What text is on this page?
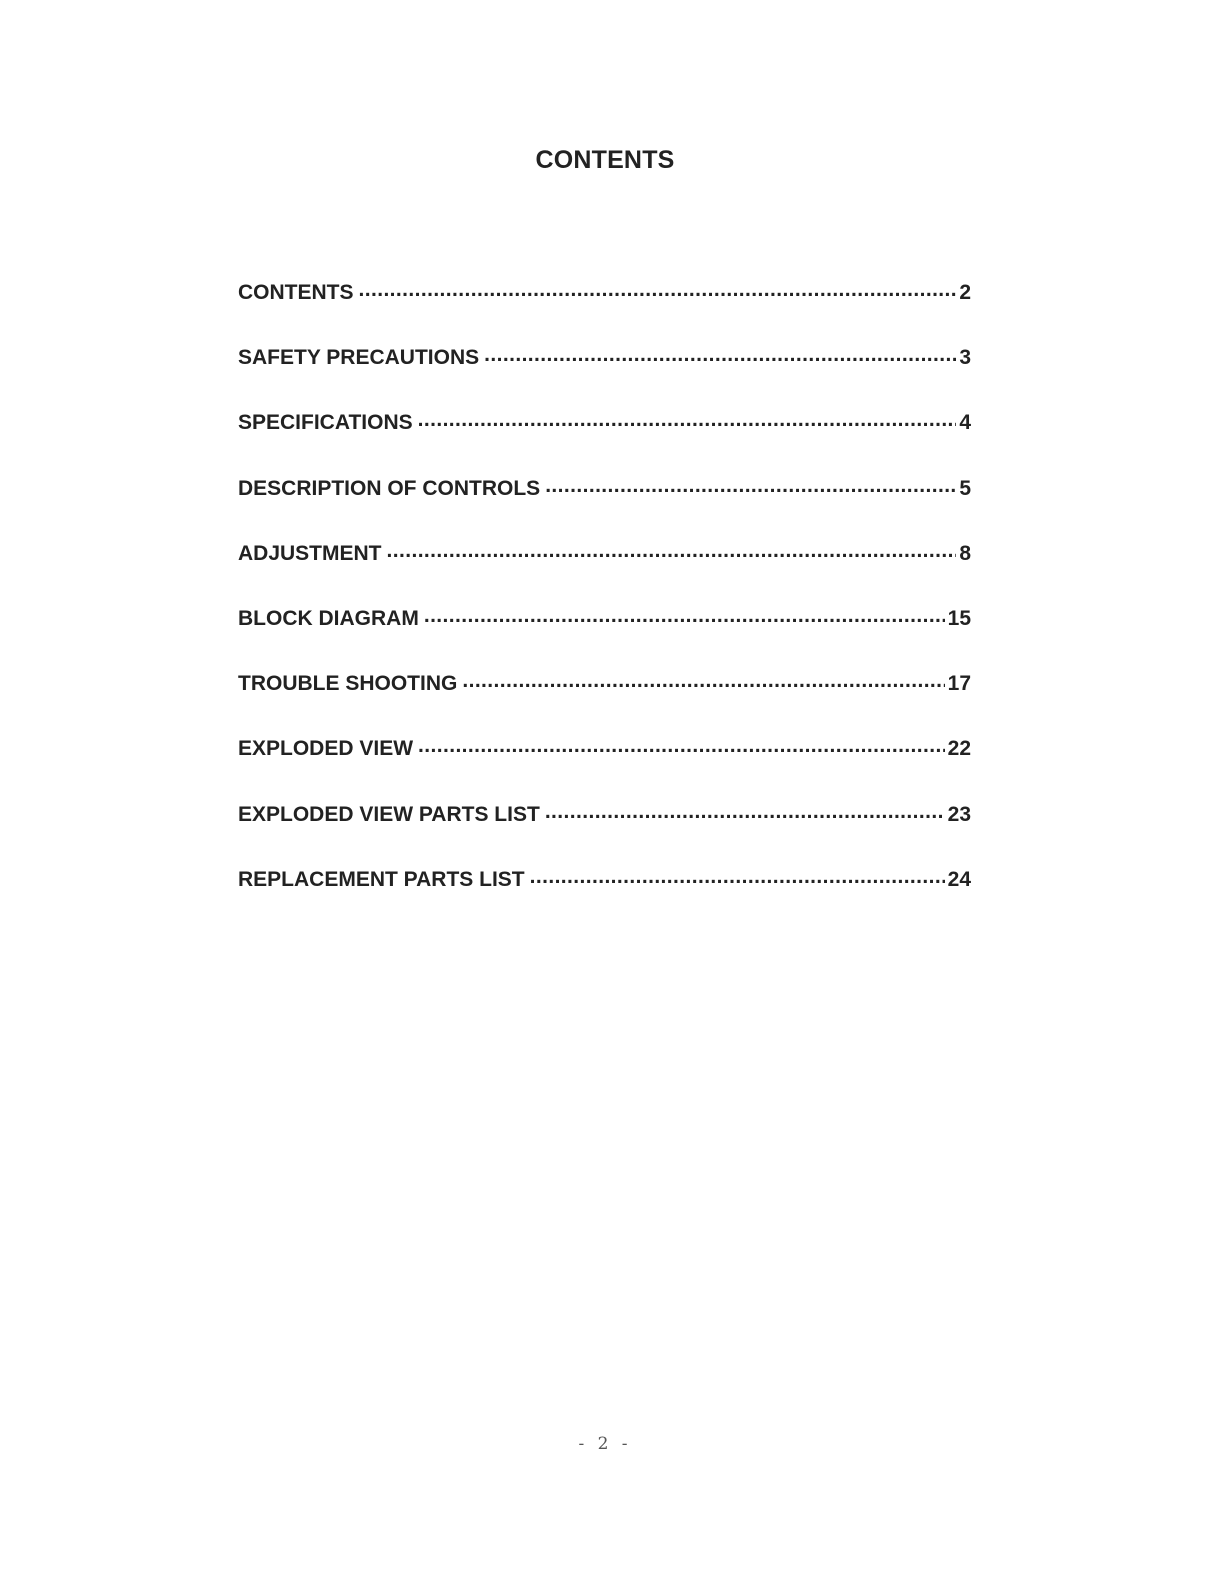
CONTENTS
CONTENTS .....	2
SAFETY PRECAUTIONS .....	3
SPECIFICATIONS .....	4
DESCRIPTION OF CONTROLS .....	5
ADJUSTMENT .....	8
BLOCK DIAGRAM .....	15
TROUBLE SHOOTING .....	17
EXPLODED VIEW .....	22
EXPLODED VIEW PARTS LIST .....	23
REPLACEMENT PARTS LIST .....	24
- 2 -
